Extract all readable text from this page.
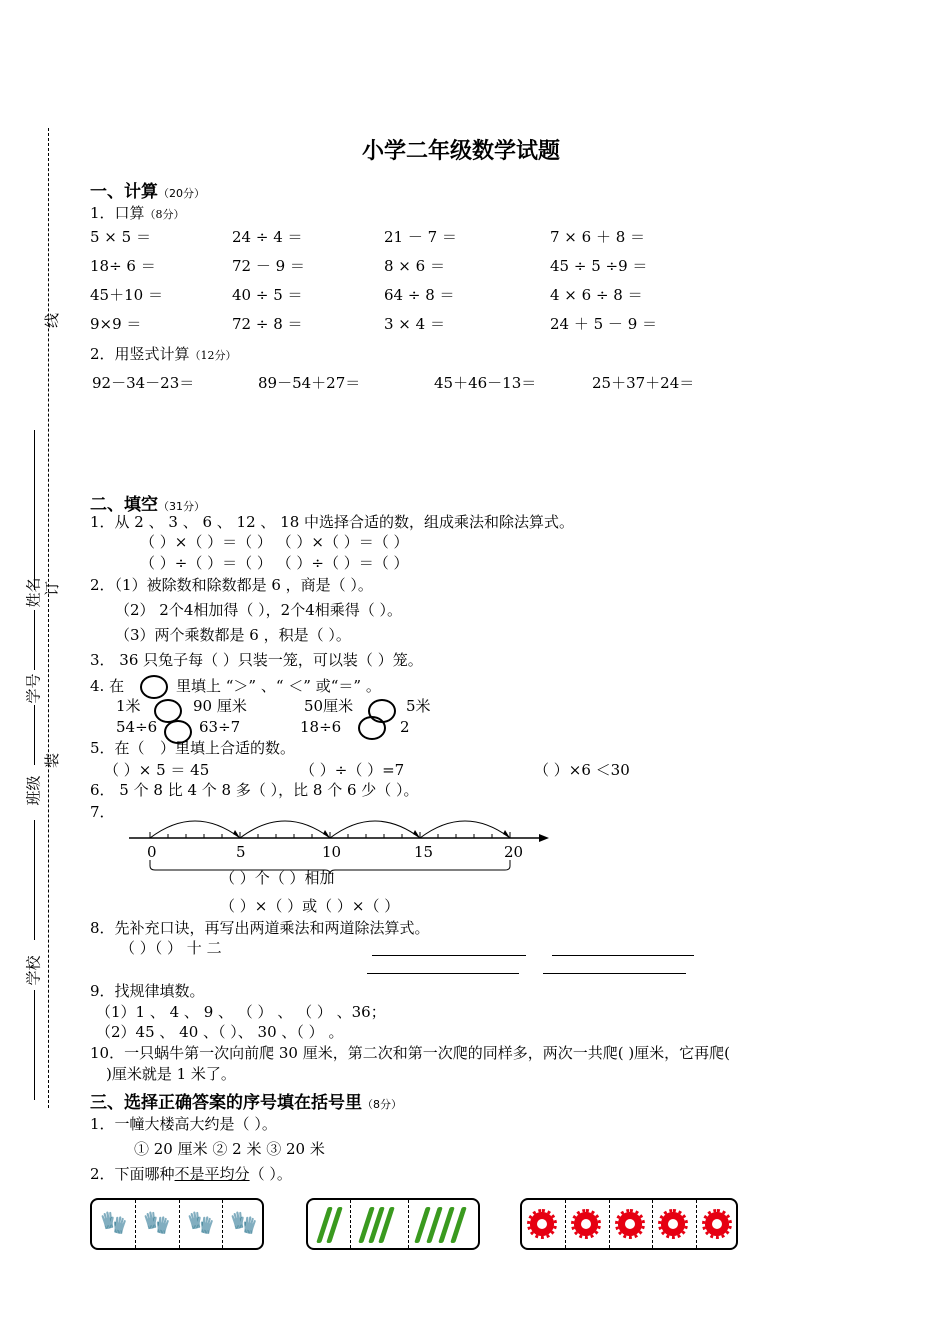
线
订
装
姓名
学号
班级
学校
小学二年级数学试题
一、计算（20分）
1．口算（8分）
5 × 5 ＝	24 ÷ 4 ＝	21 － 7 ＝	7 × 6 ＋ 8 ＝
18÷ 6 ＝	72 － 9 ＝	8 × 6 ＝	45 ÷ 5 ÷9 ＝
45＋10 ＝	40 ÷ 5 ＝	64 ÷ 8 ＝	4 × 6 ÷ 8 ＝
9×9 ＝	72 ÷ 8 ＝	3 × 4 ＝	24 ＋ 5 － 9 ＝
2．用竖式计算（12分）
92－34－23＝	89－54＋27＝	45＋46－13＝	25＋37＋24＝
二、填空（31分）
1．从 2 、 3 、 6 、 12 、 18 中选择合适的数，组成乘法和除法算式。
（ ）×（ ）＝（ ） （ ）×（ ）＝（ ）
（ ）÷（ ）＝（ ） （ ）÷（ ）＝（ ）
2．（1）被除数和除数都是 6 ，商是（ ）。
（2） 2个4相加得（ ），2个4相乘得（ ）。
（3）两个乘数都是 6 ，积是（ ）。
3． 36 只兔子每（ ）只装一笼，可以装（ ）笼。
4. 在	里填上 “＞” 、“ ＜” 或“＝” 。
1米	90 厘米	50厘米	5米
54÷6	63÷7	18÷6	2
5．在（ ）里填上合适的数。
（ ）× 5 ＝ 45	（ ）÷（ ）=7	（ ）×6 ＜30
6． 5 个 8 比 4 个 8 多（ ），比 8 个 6 少（ ）。
7．
0	5	10	15	20
（ ）个（ ）相加
（ ）×（ ）或（ ）×（ ）
8．先补充口诀，再写出两道乘法和两道除法算式。
（ ）（ ） 十 二
9．找规律填数。
（1）1 、 4 、 9 、 （ ） 、 （ ） 、36；
（2）45 、 40 、（ ）、 30 、（ ） 。
10．一只蜗牛第一次向前爬 30 厘米，第二次和第一次爬的同样多，两次一共爬( )厘米，它再爬(
)厘米就是 1 米了。
三、选择正确答案的序号填在括号里（8分）
1．一幢大楼高大约是（ ）。
① 20 厘米 ② 2 米 ③ 20 米
2．下面哪种不是平均分（ ）。
🧤 🧤 🧤 🧤
